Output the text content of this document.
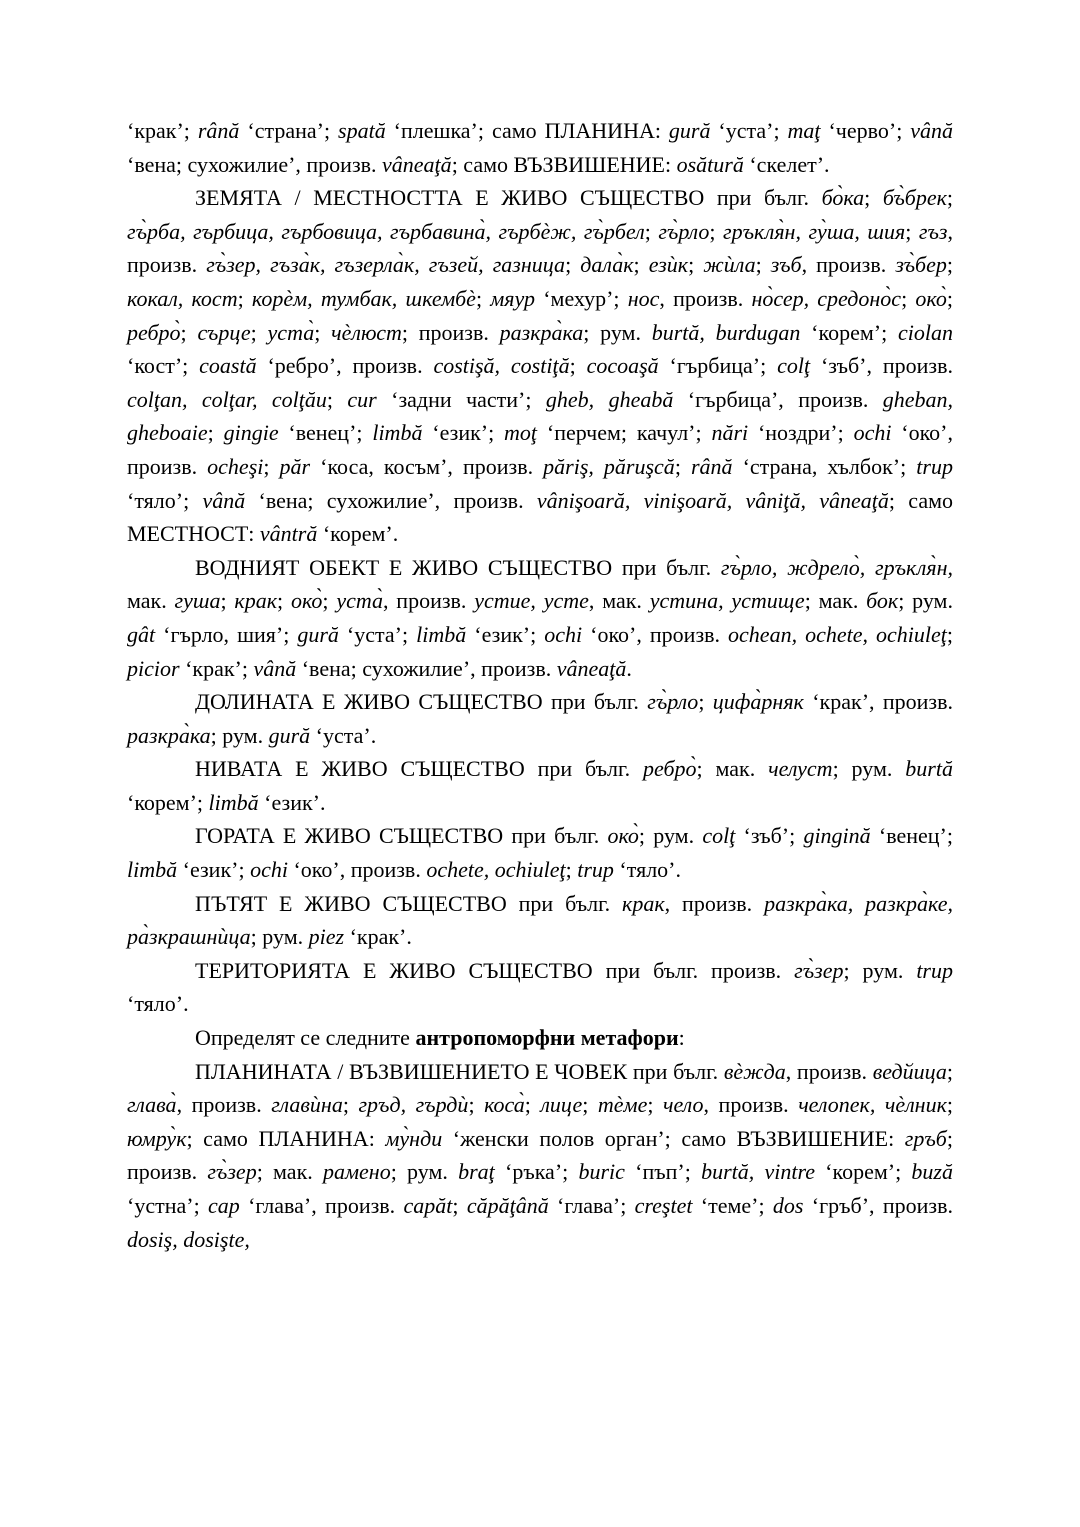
‘крак’; rână ‘страна’; spată ‘плешка’; само ПЛАНИНА: gură ‘уста’; maţ ‘черво’; vână ‘вена; сухожилие’, произв. vâneaţă; само ВЪЗВИШЕНИЕ: osătură ‘скелет’.

ЗЕМЯТА / МЕСТНОСТТА Е ЖИВО СЪЩЕСТВО при бълг. бо̀ка; бъ̀брек; гъ̀рба, гърбица, гърбовица, гърбавина̀, гърбѐж, гъ̀рбел; гъ̀рло; гръкля̀н, гу̀ша, шия; гъз, произв. гъ̀зер, гъза̀к, гъзерла̀к, гъзей, газница; дала̀к; езѝк; жѝла; зъб, произв. зъ̀бер; кокал, кост; корѐм, тумбак, шкембѐ; мяур ‘мехур’; нос, произв. но̀сер, средоно̀с; око̀; ребро̀; сърце; уста̀; чѐлюст; произв. разкра̀ка; рум. burtă, burdugan ‘корем’; ciolan ‘кост’; coastă ‘ребро’, произв. costişă, costiţă; cocoaşă ‘гърбица’; colţ ‘зъб’, произв. colţan, colţar, colţău; cur ‘задни части’; gheb, gheabă ‘гърбица’, произв. gheban, gheboaie; gingie ‘венец’; limbă ‘език’; moţ ‘перчем; качул’; nări ‘ноздри’; ochi ‘око’, произв. ocheşi; păr ‘коса, косъм’, произв. păriş, păruşcă; rână ‘страна, хълбок’; trup ‘тяло’; vână ‘вена; сухожилие’, произв. vânişoară, vinişoară, vâniţă, vâneaţă; само МЕСТНОСТ: vântră ‘корем’.

ВОДНИЯТ ОБЕКТ Е ЖИВО СЪЩЕСТВО при бълг. гъ̀рло, ждрело̀, гръкля̀н, мак. гуша; крак; око̀; уста̀, произв. устие, усте, мак. устина, устище; мак. бок; рум. gât ‘гърло, шия’; gură ‘уста’; limbă ‘език’; ochi ‘око’, произв. ochean, ochete, ochiuleţ; picior ‘крак’; vână ‘вена; сухожилие’, произв. vâneaţă.

ДОЛИНАТА Е ЖИВО СЪЩЕСТВО при бълг. гъ̀рло; цифа̀рняк ‘крак’, произв. разкра̀ка; рум. gură ‘уста’.

НИВАТА Е ЖИВО СЪЩЕСТВО при бълг. ребро̀; мак. челуст; рум. burtă ‘корем’; limbă ‘език’.

ГОРАТА Е ЖИВО СЪЩЕСТВО при бълг. око̀; рум. colţ ‘зъб’; gingină ‘венец’; limbă ‘език’; ochi ‘око’, произв. ochete, ochiuleţ; trup ‘тяло’.

ПЪТЯТ Е ЖИВО СЪЩЕСТВО при бълг. крак, произв. разкра̀ка, разкра̀ке, ра̀зкрашнѝца; рум. piez ‘крак’.

ТЕРИТОРИЯТА Е ЖИВО СЪЩЕСТВО при бълг. произв. гъ̀зер; рум. trup ‘тяло’.

Определят се следните антропоморфни метафори:

ПЛАНИНАТА / ВЪЗВИШЕНИЕТО Е ЧОВЕК при бълг. вѐжда, произв. ведйица; глава̀, произв. главѝна; гръд, гърдѝ; коса̀; лице; тѐме; чело, произв. челопек, чѐлник; юмру̀к; само ПЛАНИНА: му̀нди ‘женски полов орган’; само ВЪЗВИШЕНИЕ: гръб; произв. гъ̀зер; мак. рамено; рум. braţ ‘ръка’; buric ‘пъп’; burtă, vintre ‘корем’; buză ‘устна’; cap ‘глава’, произв. capăt; căpăţână ‘глава’; creştet ‘теме’; dos ‘гръб’, произв. dosiş, dosişte,
